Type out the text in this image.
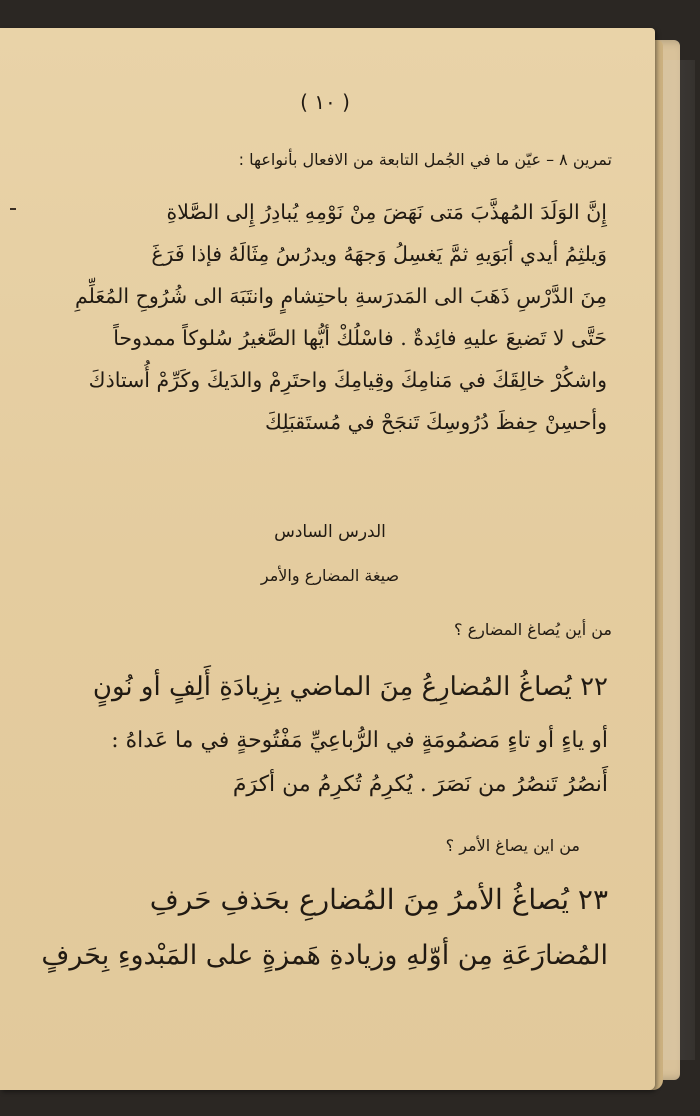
( ١٠ )
تمرين ٨ – عيّن ما في الجُمل التابعة من الافعال بأنواعها :
إِنَّ الوَلَدَ المُهذَّبَ مَتى نَهَضَ مِنْ نَوْمِهِ يُبادِرُ إِلى الصَّلاةِ
وَيلثِمُ أيدي أبَوَيهِ ثمَّ يَغسِلُ وَجهَهُ ويدرُسُ مِثَالَهُ فإذا فَرَغَ
مِنَ الدَّرْسِ ذَهَبَ الى المَدرَسةِ باحتِشامٍ وانتَبَهَ الى شُرُوحِ المُعَلِّمِ
حَتَّى لا تَضيعَ عليهِ فائِدةٌ . فاسْلُكْ أيُّها الصَّغيرُ سُلوكاً ممدوحاً
واشكُرْ خالِقَكَ في مَنامِكَ وقِيامِكَ واحتَرِمْ والدَيكَ وكَرِّمْ أُستاذكَ
وأحسِنْ حِفظَ دُرُوسِكَ تَنجَحْ في مُستَقبَلِكَ
الدرس السادس
صيغة المضارع والأمر
من أين يُصاغ المضارع ؟
٢٢ يُصاغُ المُضارِعُ مِنَ الماضي بِزِيادَةِ أَلِفٍ أو نُونٍ
أو ياءٍ أو تاءٍ مَضمُومَةٍ في الرُّباعِيِّ مَفْتُوحةٍ في ما عَداهُ :
أَنصُرُ تَنصُرُ من نَصَرَ . يُكرِمُ تُكرِمُ من أكرَمَ
من اين يصاغ الأمر ؟
٢٣ يُصاغُ الأمرُ مِنَ المُضارعِ بحَذفِ حَرفِ
المُضارَعَةِ مِن أوّلهِ وزيادةِ هَمزةٍ على المَبْدوءِ بِحَرفٍ
